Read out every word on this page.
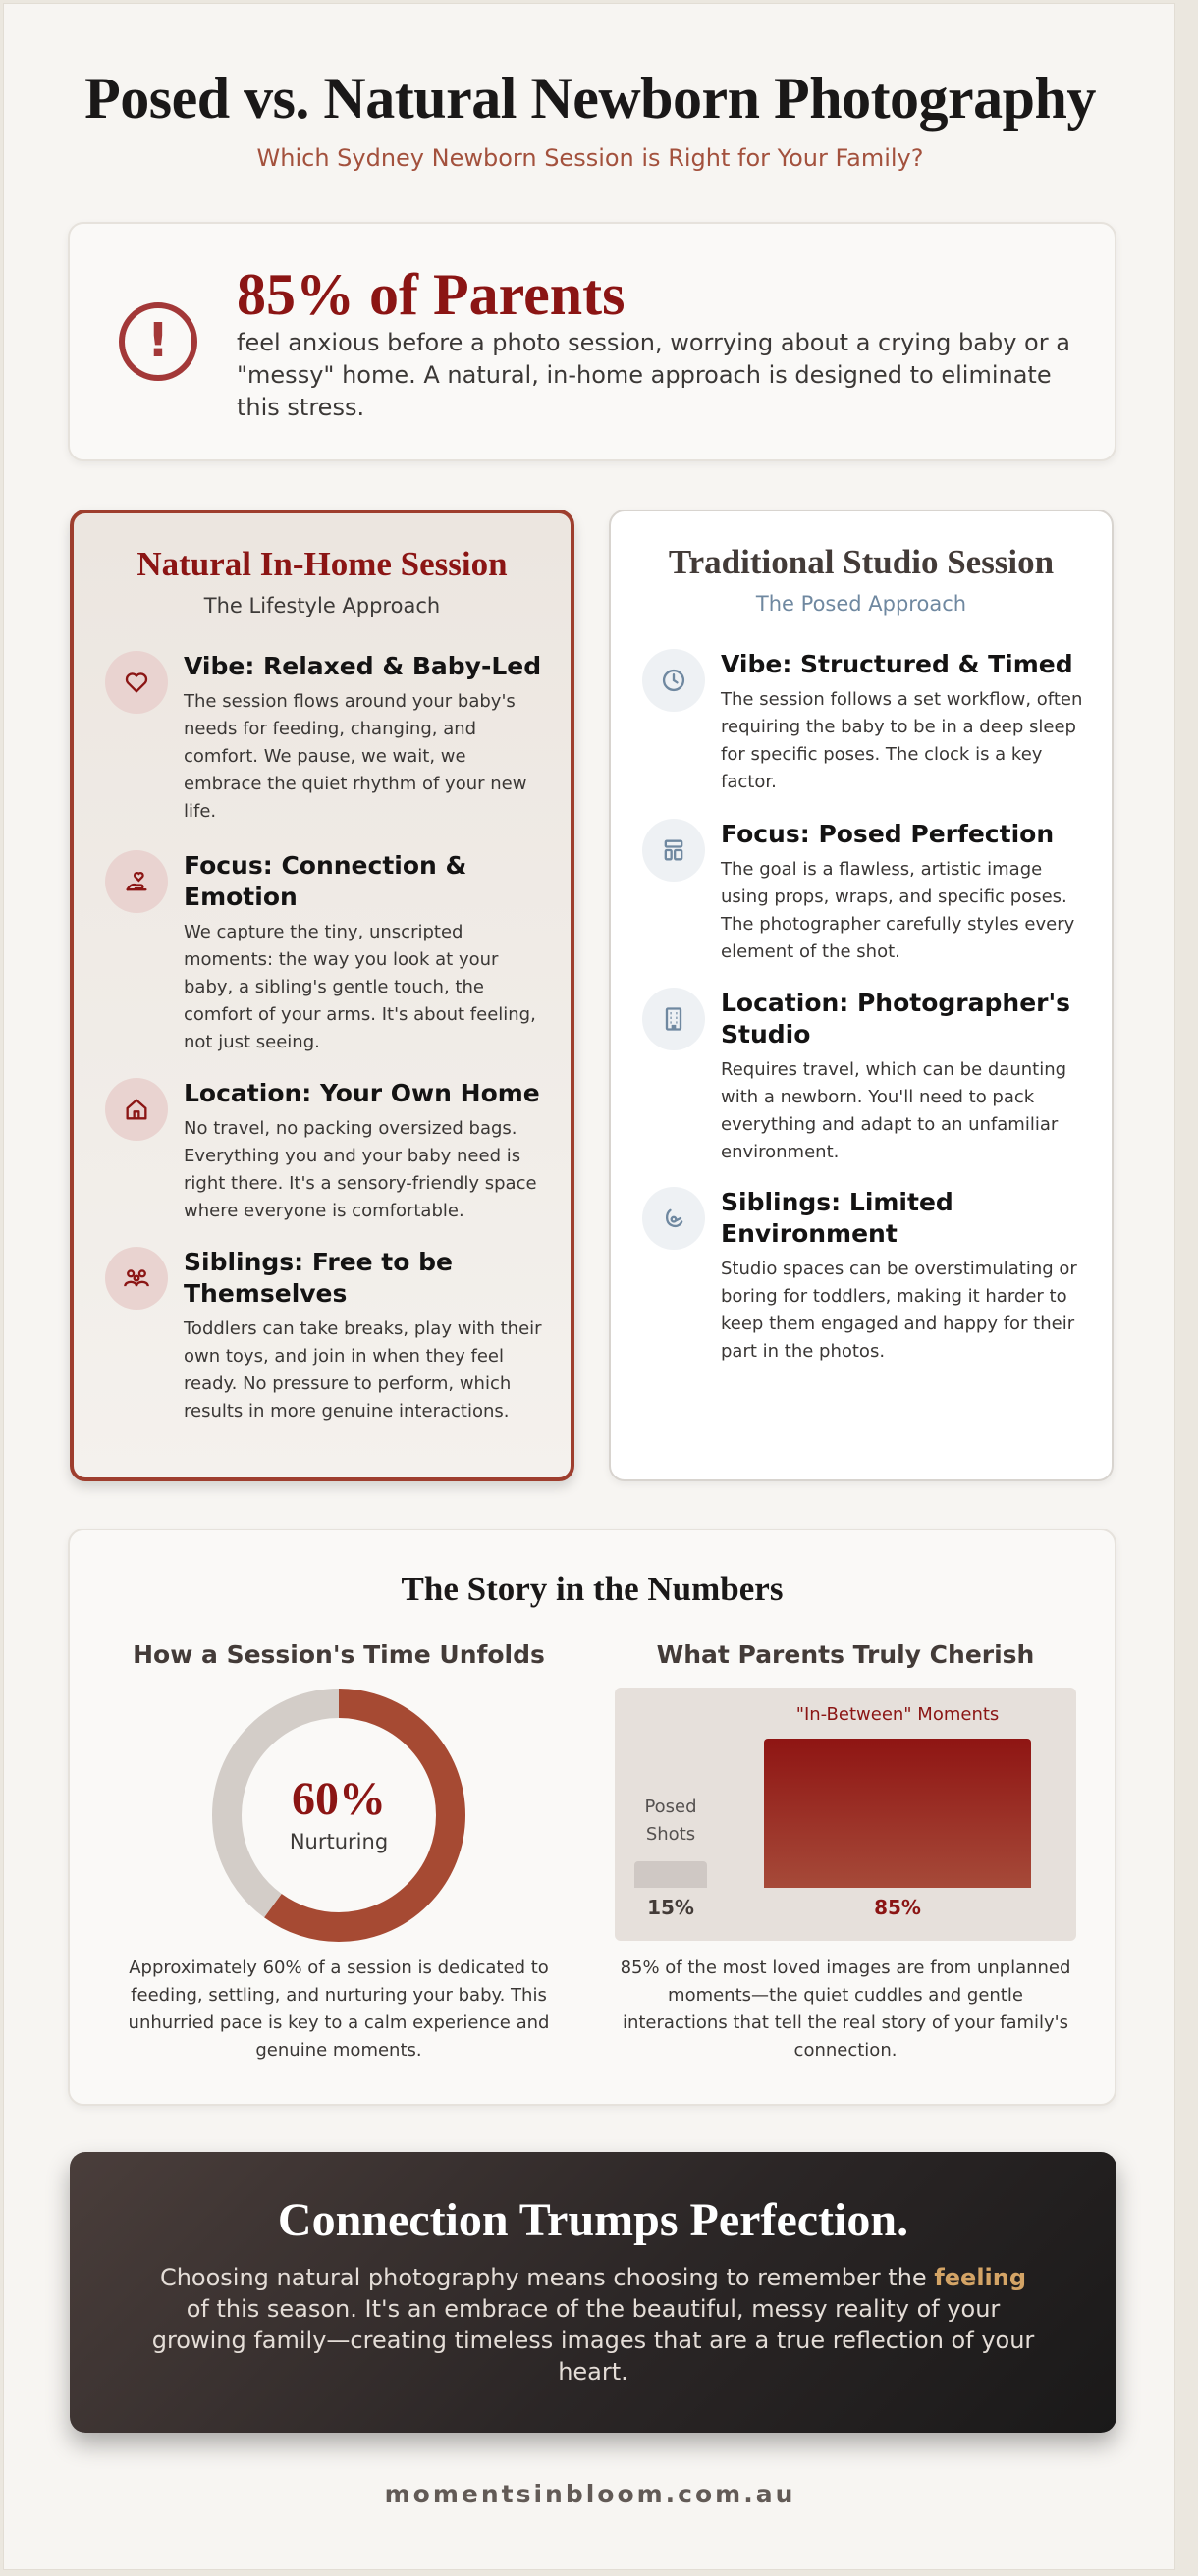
Posed vs. Natural Newborn Photography
Which Sydney Newborn Session is Right for Your Family?
!
85% of Parents
feel anxious before a photo session, worrying about a crying baby or a "messy" home. A natural, in-home approach is designed to eliminate this stress.
Natural In-Home Session
The Lifestyle Approach
Vibe: Relaxed & Baby-Led
The session flows around your baby's needs for feeding, changing, and comfort. We pause, we wait, we embrace the quiet rhythm of your new life.
Focus: Connection & Emotion
We capture the tiny, unscripted moments: the way you look at your baby, a sibling's gentle touch, the comfort of your arms. It's about feeling, not just seeing.
Location: Your Own Home
No travel, no packing oversized bags. Everything you and your baby need is right there. It's a sensory-friendly space where everyone is comfortable.
Siblings: Free to be Themselves
Toddlers can take breaks, play with their own toys, and join in when they feel ready. No pressure to perform, which results in more genuine interactions.
Traditional Studio Session
The Posed Approach
Vibe: Structured & Timed
The session follows a set workflow, often requiring the baby to be in a deep sleep for specific poses. The clock is a key factor.
Focus: Posed Perfection
The goal is a flawless, artistic image using props, wraps, and specific poses. The photographer carefully styles every element of the shot.
Location: Photographer's Studio
Requires travel, which can be daunting with a newborn. You'll need to pack everything and adapt to an unfamiliar environment.
Siblings: Limited Environment
Studio spaces can be overstimulating or boring for toddlers, making it harder to keep them engaged and happy for their part in the photos.
The Story in the Numbers
How a Session's Time Unfolds
60%
Nurturing
Approximately 60% of a session is dedicated to feeding, settling, and nurturing your baby. This unhurried pace is key to a calm experience and genuine moments.
What Parents Truly Cherish
Posed Shots
15%
"In-Between" Moments
85%
85% of the most loved images are from unplanned moments—the quiet cuddles and gentle interactions that tell the real story of your family's connection.
Connection Trumps Perfection.
Choosing natural photography means choosing to remember the feeling of this season. It's an embrace of the beautiful, messy reality of your growing family—creating timeless images that are a true reflection of your heart.
momentsinbloom.com.au
